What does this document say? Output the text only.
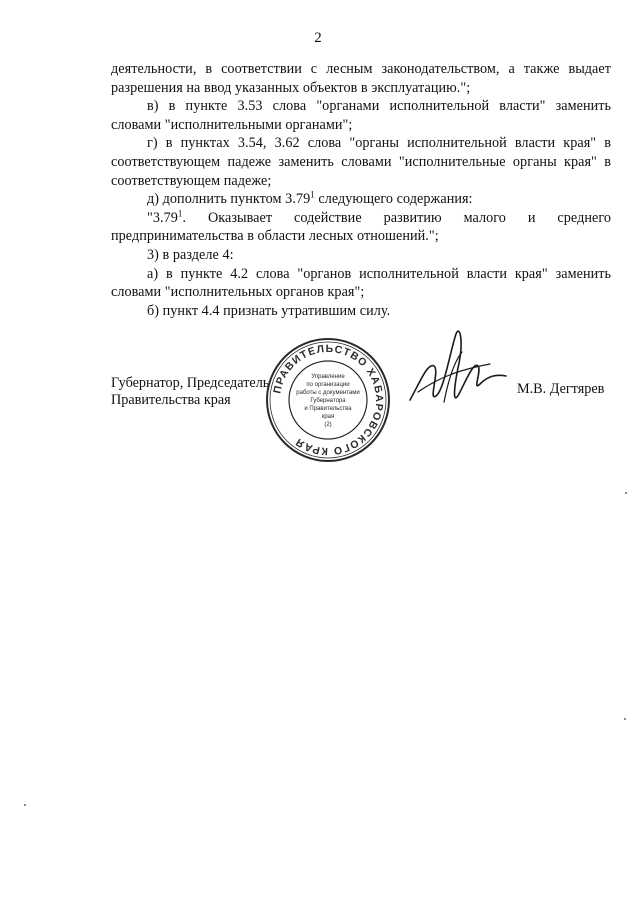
2

деятельности, в соответствии с лесным законодательством, а также выдает разрешения на ввод указанных объектов в эксплуатацию.";

в) в пункте 3.53 слова "органами исполнительной власти" заменить словами "исполнительными органами";

г) в пунктах 3.54, 3.62 слова "органы исполнительной власти края" в соответствующем падеже заменить словами "исполнительные органы края" в соответствующем падеже;

д) дополнить пунктом 3.79$^1$ следующего содержания:

"3.79$^1$. Оказывает содействие развитию малого и среднего

предпринимательства в области лесных отношений.";

3) в разделе 4:

а) в пункте 4.2 слова "органов исполнительной власти края" заменить словами "исполнительных органов края";

б) пункт 4.4 признать утратившим силу.

Губернатор, Председатель
Правительства края
ПРАВИТЕЛЬСТВО ХАБАРОВСКОГО КРАЯ
Управление
по организации
работы с документами
Губернатора
и Правительства
края
(2)
М.В. Дегтярев
